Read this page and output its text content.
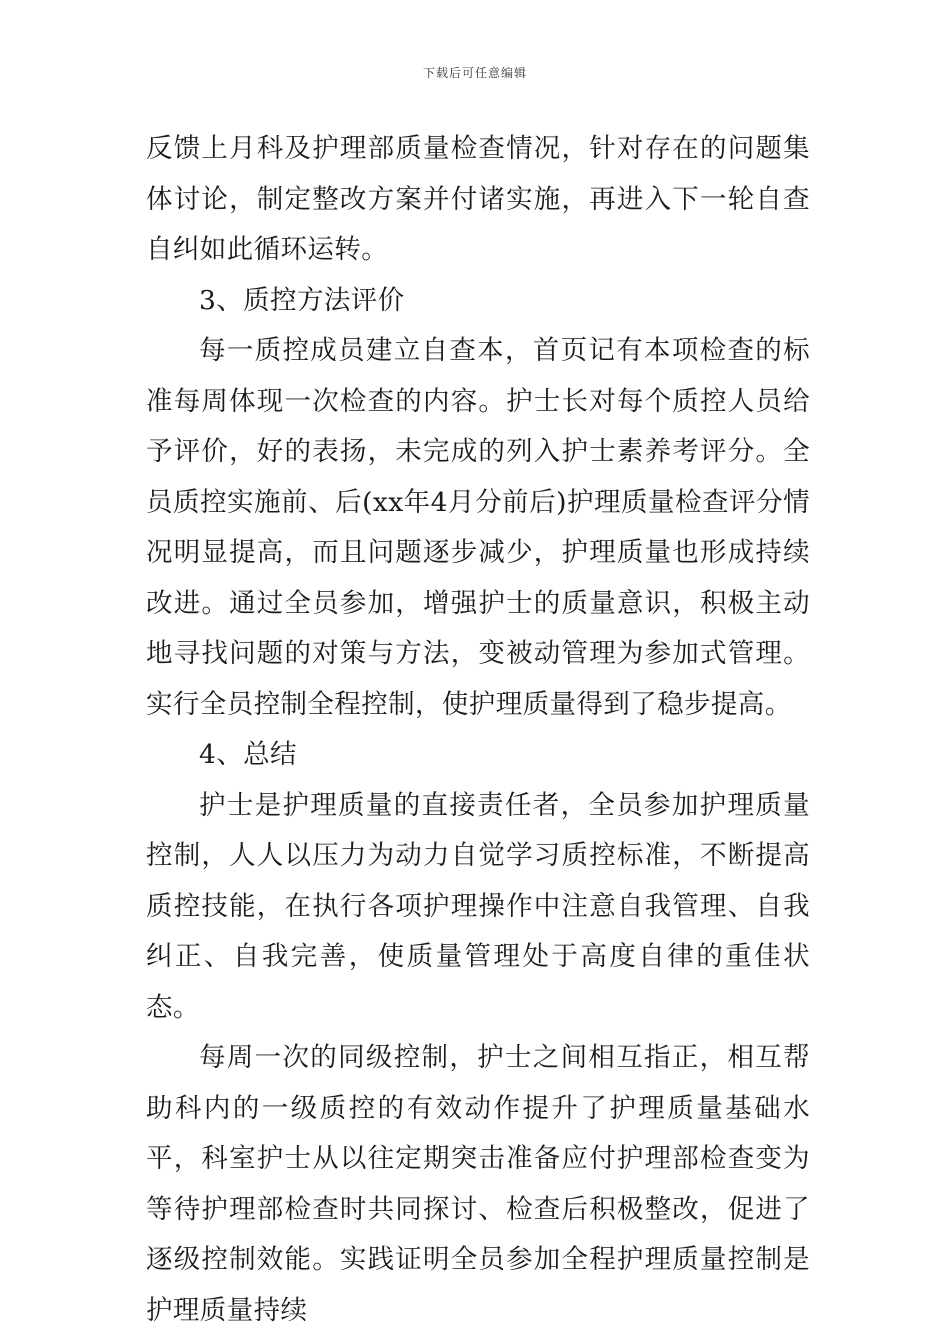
下载后可任意编辑

反馈上月科及护理部质量检查情况，针对存在的问题集体讨论，制定整改方案并付诸实施，再进入下一轮自查自纠如此循环运转。

3、质控方法评价

每一质控成员建立自查本，首页记有本项检查的标准每周体现一次检查的内容。护士长对每个质控人员给予评价，好的表扬，未完成的列入护士素养考评分。全员质控实施前、后(xx年4月分前后)护理质量检查评分情况明显提高，而且问题逐步减少，护理质量也形成持续改进。通过全员参加，增强护士的质量意识，积极主动地寻找问题的对策与方法，变被动管理为参加式管理。实行全员控制全程控制，使护理质量得到了稳步提高。

4、总结

护士是护理质量的直接责任者，全员参加护理质量控制，人人以压力为动力自觉学习质控标准，不断提高质控技能，在执行各项护理操作中注意自我管理、自我纠正、自我完善，使质量管理处于高度自律的重佳状态。

每周一次的同级控制，护士之间相互指正，相互帮助科内的一级质控的有效动作提升了护理质量基础水平，科室护士从以往定期突击准备应付护理部检查变为等待护理部检查时共同探讨、检查后积极整改，促进了逐级控制效能。实践证明全员参加全程护理质量控制是护理质量持续
